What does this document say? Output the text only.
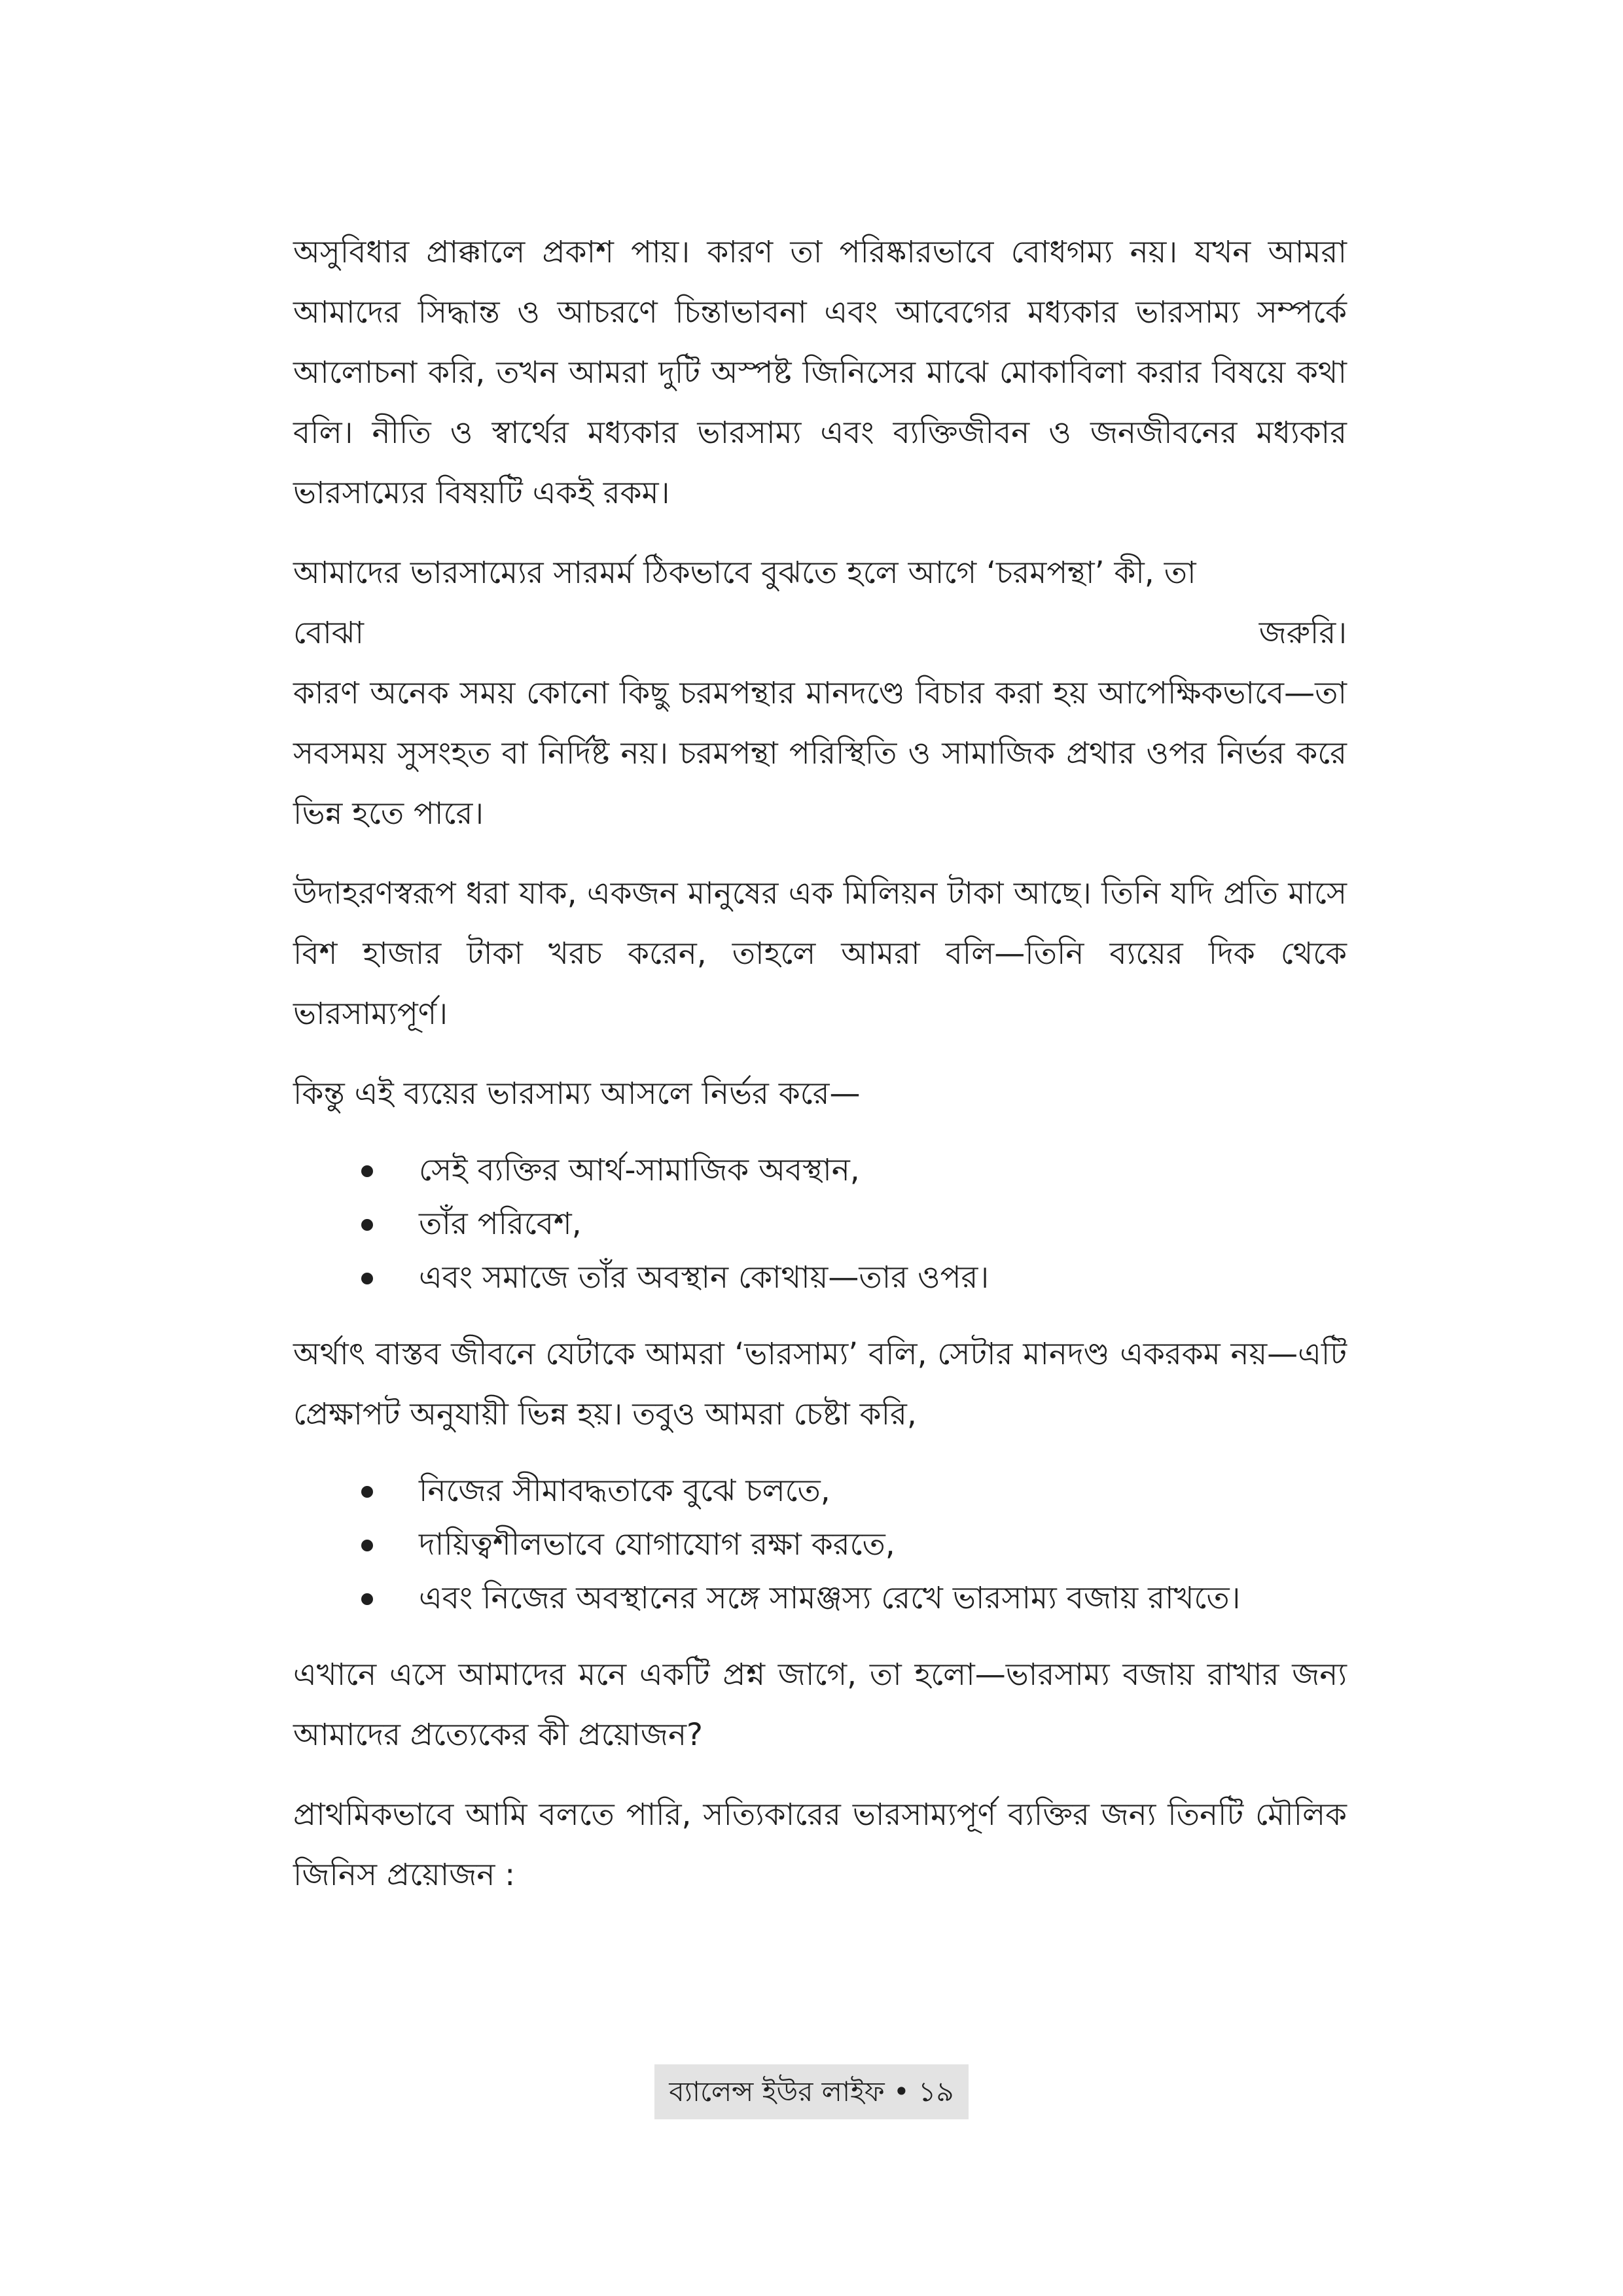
অসুবিধার প্রাক্কালে প্রকাশ পায়। কারণ তা পরিষ্কারভাবে বোধগম্য নয়। যখন আমরা আমাদের সিদ্ধান্ত ও আচরণে চিন্তাভাবনা এবং আবেগের মধ্যকার ভারসাম্য সম্পর্কে আলোচনা করি, তখন আমরা দুটি অস্পষ্ট জিনিসের মাঝে মোকাবিলা করার বিষয়ে কথা বলি। নীতি ও স্বার্থের মধ্যকার ভারসাম্য এবং ব্যক্তিজীবন ও জনজীবনের মধ্যকার ভারসাম্যের বিষয়টি একই রকম।

আমাদের ভারসাম্যের সারমর্ম ঠিকভাবে বুঝতে হলে আগে ‘চরমপন্থা’ কী, তা

বোঝা	জরুরি।

কারণ অনেক সময় কোনো কিছু চরমপন্থার মানদণ্ডে বিচার করা হয় আপেক্ষিকভাবে—তা সবসময় সুসংহত বা নির্দিষ্ট নয়। চরমপন্থা পরিস্থিতি ও সামাজিক প্রথার ওপর নির্ভর করে ভিন্ন হতে পারে।

উদাহরণস্বরূপ ধরা যাক, একজন মানুষের এক মিলিয়ন টাকা আছে। তিনি যদি প্রতি মাসে বিশ হাজার টাকা খরচ করেন, তাহলে আমরা বলি—তিনি ব্যয়ের দিক থেকে ভারসাম্যপূর্ণ।

কিন্তু এই ব্যয়ের ভারসাম্য আসলে নির্ভর করে—

সেই ব্যক্তির আর্থ-সামাজিক অবস্থান,
তাঁর পরিবেশ,
এবং সমাজে তাঁর অবস্থান কোথায়—তার ওপর।

অর্থাৎ বাস্তব জীবনে যেটাকে আমরা ‘ভারসাম্য’ বলি, সেটার মানদণ্ড একরকম নয়—এটি প্রেক্ষাপট অনুযায়ী ভিন্ন হয়। তবুও আমরা চেষ্টা করি,

নিজের সীমাবদ্ধতাকে বুঝে চলতে,
দায়িত্বশীলভাবে যোগাযোগ রক্ষা করতে,
এবং নিজের অবস্থানের সঙ্গে সামঞ্জস্য রেখে ভারসাম্য বজায় রাখতে।

এখানে এসে আমাদের মনে একটি প্রশ্ন জাগে, তা হলো—ভারসাম্য বজায় রাখার জন্য আমাদের প্রত্যেকের কী প্রয়োজন?

প্রাথমিকভাবে আমি বলতে পারি, সত্যিকারের ভারসাম্যপূর্ণ ব্যক্তির জন্য তিনটি মৌলিক জিনিস প্রয়োজন :

ব্যালেন্স ইউর লাইফ • ১৯
